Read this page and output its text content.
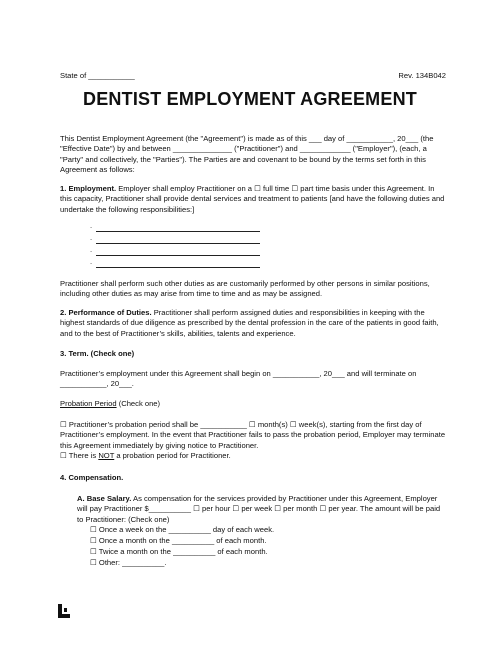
State of ___________	Rev. 134B042
DENTIST EMPLOYMENT AGREEMENT
This Dentist Employment Agreement (the "Agreement") is made as of this ___ day of ___________, 20___ (the "Effective Date") by and between ______________ ("Practitioner") and ____________ ("Employer"), (each, a "Party" and collectively, the "Parties"). The Parties are and covenant to be bound by the terms set forth in this Agreement as follows:
1. Employment. Employer shall employ Practitioner on a ☐ full time ☐ part time basis under this Agreement. In this capacity, Practitioner shall provide dental services and treatment to patients [and have the following duties and undertake the following responsibilities:]
.
.
.
.
Practitioner shall perform such other duties as are customarily performed by other persons in similar positions, including other duties as may arise from time to time and as may be assigned.
2. Performance of Duties. Practitioner shall perform assigned duties and responsibilities in keeping with the highest standards of due diligence as prescribed by the dental profession in the care of the patients in good faith, and to the best of Practitioner’s skills, abilities, talents and experience.
3. Term. (Check one)
Practitioner’s employment under this Agreement shall begin on ___________, 20___ and will terminate on ___________, 20___.
Probation Period (Check one)
☐ Practitioner’s probation period shall be ___________ ☐ month(s) ☐ week(s), starting from the first day of Practitioner’s employment. In the event that Practitioner fails to pass the probation period, Employer may terminate this Agreement immediately by giving notice to Practitioner.
☐ There is NOT a probation period for Practitioner.
4. Compensation.
A. Base Salary. As compensation for the services provided by Practitioner under this Agreement, Employer will pay Practitioner $__________ ☐ per hour ☐ per week ☐ per month ☐ per year. The amount will be paid to Practitioner: (Check one)
☐ Once a week on the __________ day of each week.
☐ Once a month on the __________ of each month.
☐ Twice a month on the __________ of each month.
☐ Other: __________.
